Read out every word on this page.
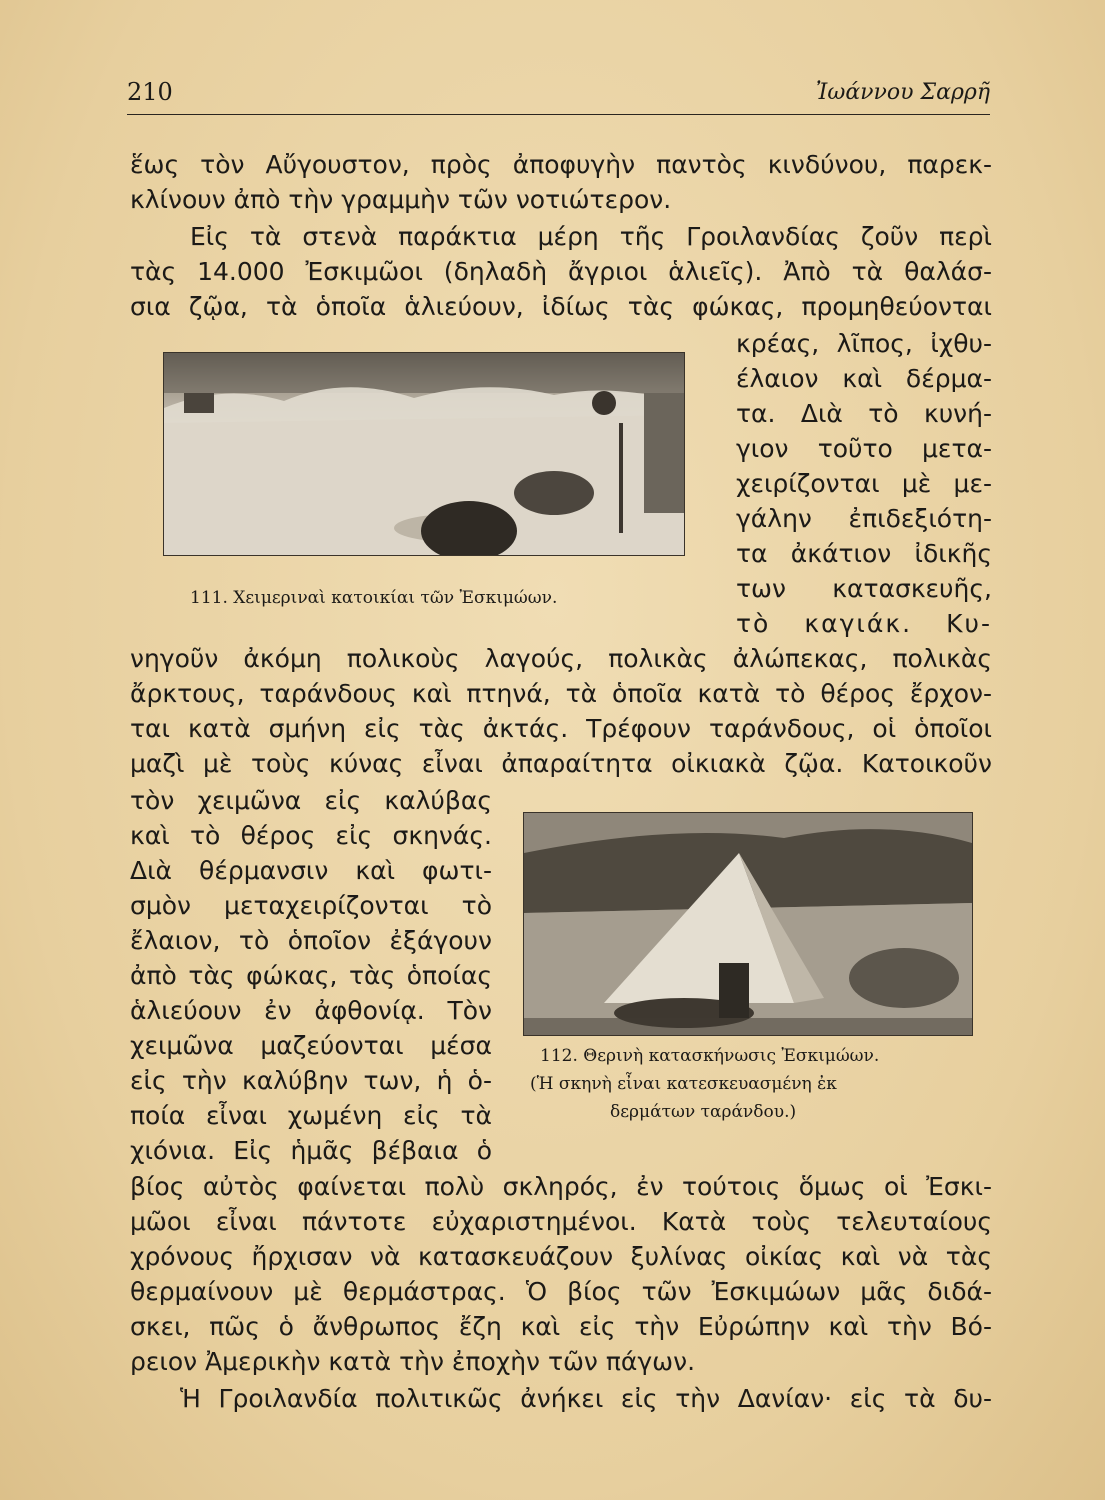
210	Ἰωάννου Σαρρῆ
ἕως τὸν Αὔγουστον, πρὸς ἀποφυγὴν παντὸς κινδύνου, παρεκ-
κλίνουν ἀπὸ τὴν γραμμὴν τῶν νοτιώτερον.
Εἰς τὰ στενὰ παράκτια μέρη τῆς Γροιλανδίας ζοῦν περὶ
τὰς 14.000 Ἐσκιμῶοι (δηλαδὴ ἄγριοι ἁλιεῖς). Ἀπὸ τὰ θαλάσ-
σια ζῷα, τὰ ὁποῖα ἁλιεύουν, ἰδίως τὰς φώκας, προμηθεύονται
κρέας, λῖπος, ἰχθυ-
έλαιον καὶ δέρμα-
τα. Διὰ τὸ κυνή-
γιον τοῦτο μετα-
χειρίζονται μὲ με-
γάλην ἐπιδεξιότη-
τα ἀκάτιον ἰδικῆς
των κατασκευῆς,
τὸ καγιάκ. Κυ-
νηγοῦν ἀκόμη πολικοὺς λαγούς, πολικὰς ἀλώπεκας, πολικὰς
ἄρκτους, ταράνδους καὶ πτηνά, τὰ ὁποῖα κατὰ τὸ θέρος ἔρχον-
ται κατὰ σμήνη εἰς τὰς ἀκτάς. Τρέφουν ταράνδους, οἱ ὁποῖοι
μαζὶ μὲ τοὺς κύνας εἶναι ἀπαραίτητα οἰκιακὰ ζῷα. Κατοικοῦν
τὸν χειμῶνα εἰς καλύβας
καὶ τὸ θέρος εἰς σκηνάς.
Διὰ θέρμανσιν καὶ φωτι-
σμὸν μεταχειρίζονται τὸ
ἔλαιον, τὸ ὁποῖον ἐξάγουν
ἀπὸ τὰς φώκας, τὰς ὁποίας
ἁλιεύουν ἐν ἀφθονίᾳ. Τὸν
χειμῶνα μαζεύονται μέσα
εἰς τὴν καλύβην των, ἡ ὁ-
ποία εἶναι χωμένη εἰς τὰ
χιόνια. Εἰς ἡμᾶς βέβαια ὁ
βίος αὐτὸς φαίνεται πολὺ σκληρός, ἐν τούτοις ὅμως οἱ Ἐσκι-
μῶοι εἶναι πάντοτε εὐχαριστημένοι. Κατὰ τοὺς τελευταίους
χρόνους ἤρχισαν νὰ κατασκευάζουν ξυλίνας οἰκίας καὶ νὰ τὰς
θερμαίνουν μὲ θερμάστρας. Ὁ βίος τῶν Ἐσκιμώων μᾶς διδά-
σκει, πῶς ὁ ἄνθρωπος ἔζη καὶ εἰς τὴν Εὐρώπην καὶ τὴν Βό-
ρειον Ἀμερικὴν κατὰ τὴν ἐποχὴν τῶν πάγων.
Ἡ Γροιλανδία πολιτικῶς ἀνήκει εἰς τὴν Δανίαν· εἰς τὰ δυ-
111. Χειμεριναὶ κατοικίαι τῶν Ἐσκιμώων.
112. Θερινὴ κατασκήνωσις Ἐσκιμώων.
(Ἡ σκηνὴ εἶναι κατεσκευασμένη ἐκ
δερμάτων ταράνδου.)
